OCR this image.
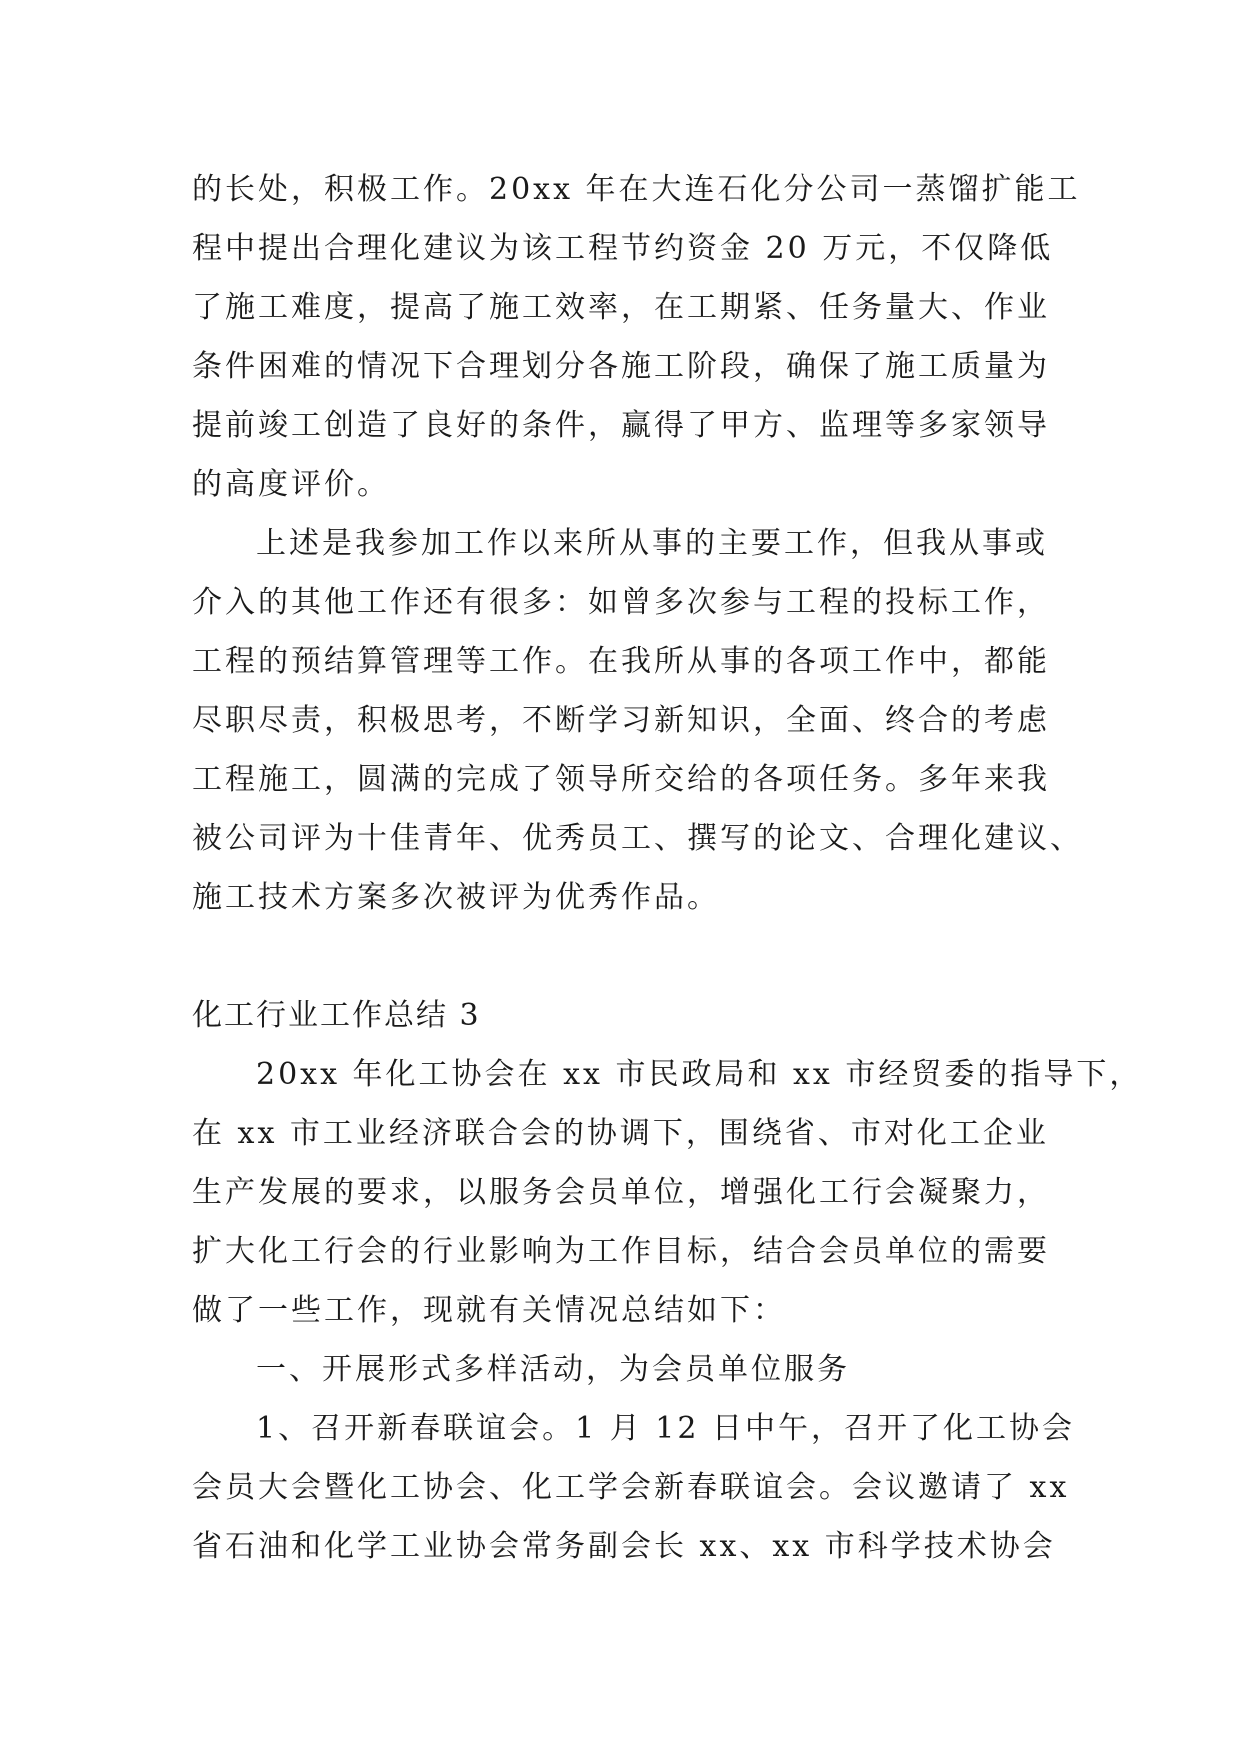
的长处，积极工作。20xx 年在大连石化分公司一蒸馏扩能工
程中提出合理化建议为该工程节约资金 20 万元，不仅降低
了施工难度，提高了施工效率，在工期紧、任务量大、作业
条件困难的情况下合理划分各施工阶段，确保了施工质量为
提前竣工创造了良好的条件，赢得了甲方、监理等多家领导
的高度评价。
上述是我参加工作以来所从事的主要工作，但我从事或
介入的其他工作还有很多：如曾多次参与工程的投标工作，
工程的预结算管理等工作。在我所从事的各项工作中，都能
尽职尽责，积极思考，不断学习新知识，全面、终合的考虑
工程施工，圆满的完成了领导所交给的各项任务。多年来我
被公司评为十佳青年、优秀员工、撰写的论文、合理化建议、
施工技术方案多次被评为优秀作品。
化工行业工作总结 3
20xx 年化工协会在 xx 市民政局和 xx 市经贸委的指导下，
在 xx 市工业经济联合会的协调下，围绕省、市对化工企业
生产发展的要求，以服务会员单位，增强化工行会凝聚力，
扩大化工行会的行业影响为工作目标，结合会员单位的需要
做了一些工作，现就有关情况总结如下：
一、开展形式多样活动，为会员单位服务
1、召开新春联谊会。1 月 12 日中午，召开了化工协会
会员大会暨化工协会、化工学会新春联谊会。会议邀请了 xx
省石油和化学工业协会常务副会长 xx、xx 市科学技术协会
